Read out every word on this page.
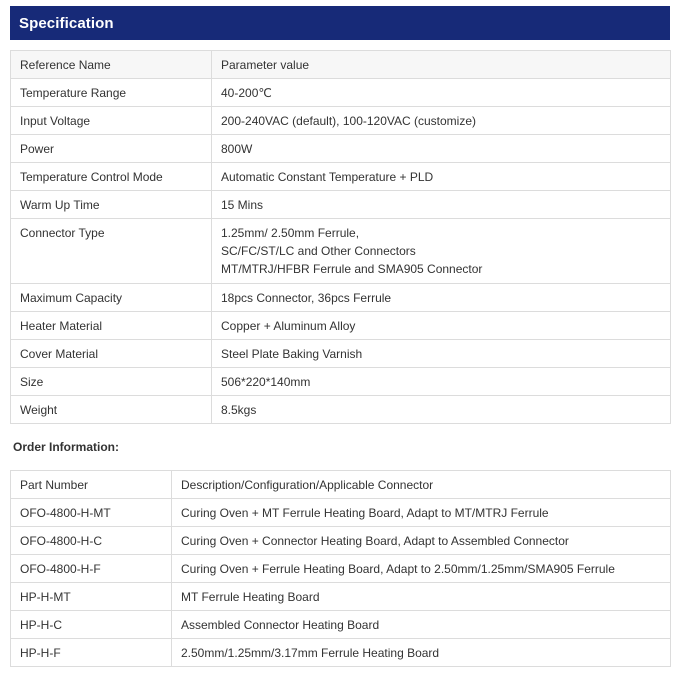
Specification
Reference Name	Parameter value
Temperature Range	40-200℃

Input Voltage	200-240VAC (default), 100-120VAC (customize)

Power	800W

Temperature Control Mode	Automatic Constant Temperature + PLD

Warm Up Time	15 Mins

Connector Type	1.25mm/ 2.50mm Ferrule,
SC/FC/ST/LC and Other Connectors
MT/MTRJ/HFBR Ferrule and SMA905 Connector

Maximum Capacity	18pcs Connector, 36pcs Ferrule

Heater Material	Copper + Aluminum Alloy

Cover Material	Steel Plate Baking Varnish

Size	506*220*140mm

Weight	8.5kgs
Order Information:
Part Number	Description/Configuration/Applicable Connector
OFO-4800-H-MT	Curing Oven + MT Ferrule Heating Board, Adapt to MT/MTRJ Ferrule
OFO-4800-H-C	Curing Oven + Connector Heating Board, Adapt to Assembled Connector
OFO-4800-H-F	Curing Oven + Ferrule Heating Board, Adapt to 2.50mm/1.25mm/SMA905 Ferrule
HP-H-MT	MT Ferrule Heating Board
HP-H-C	Assembled Connector Heating Board
HP-H-F	2.50mm/1.25mm/3.17mm Ferrule Heating Board
